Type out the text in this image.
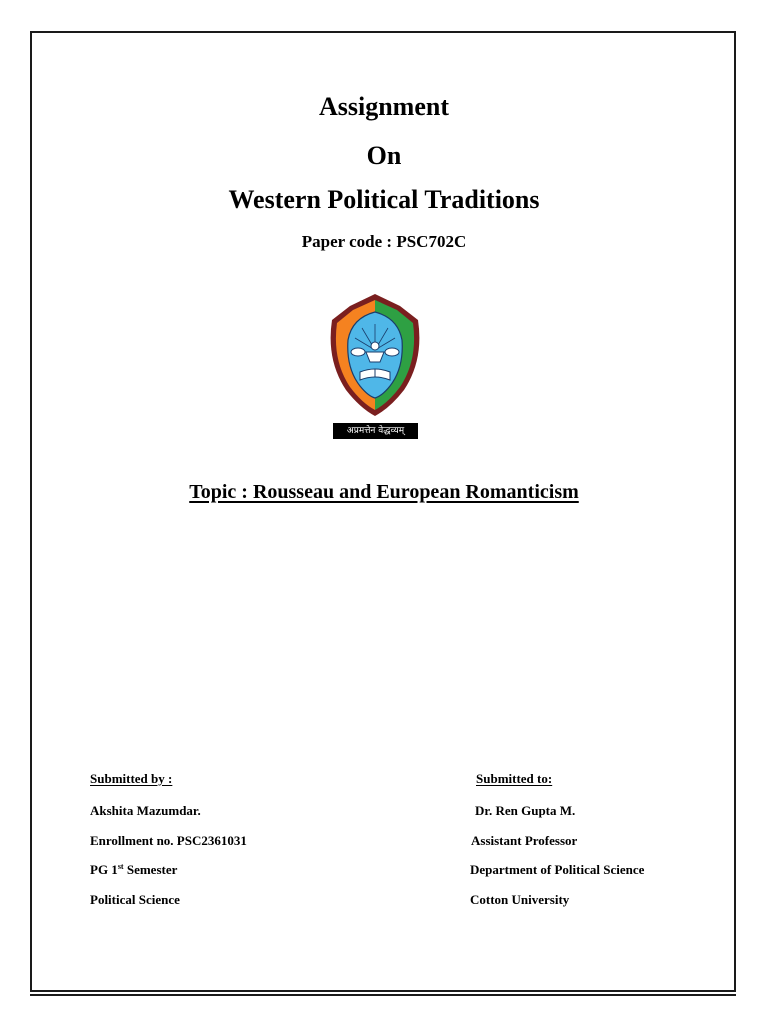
Assignment
On
Western Political Traditions
Paper code : PSC702C
अप्रमत्तेन वेद्धव्यम्
Topic : Rousseau and European Romanticism
Submitted by :
Akshita Mazumdar.
Enrollment no. PSC2361031
PG 1st Semester
Political Science
Submitted to:
Dr. Ren Gupta M.
Assistant Professor
Department of Political Science
Cotton University
